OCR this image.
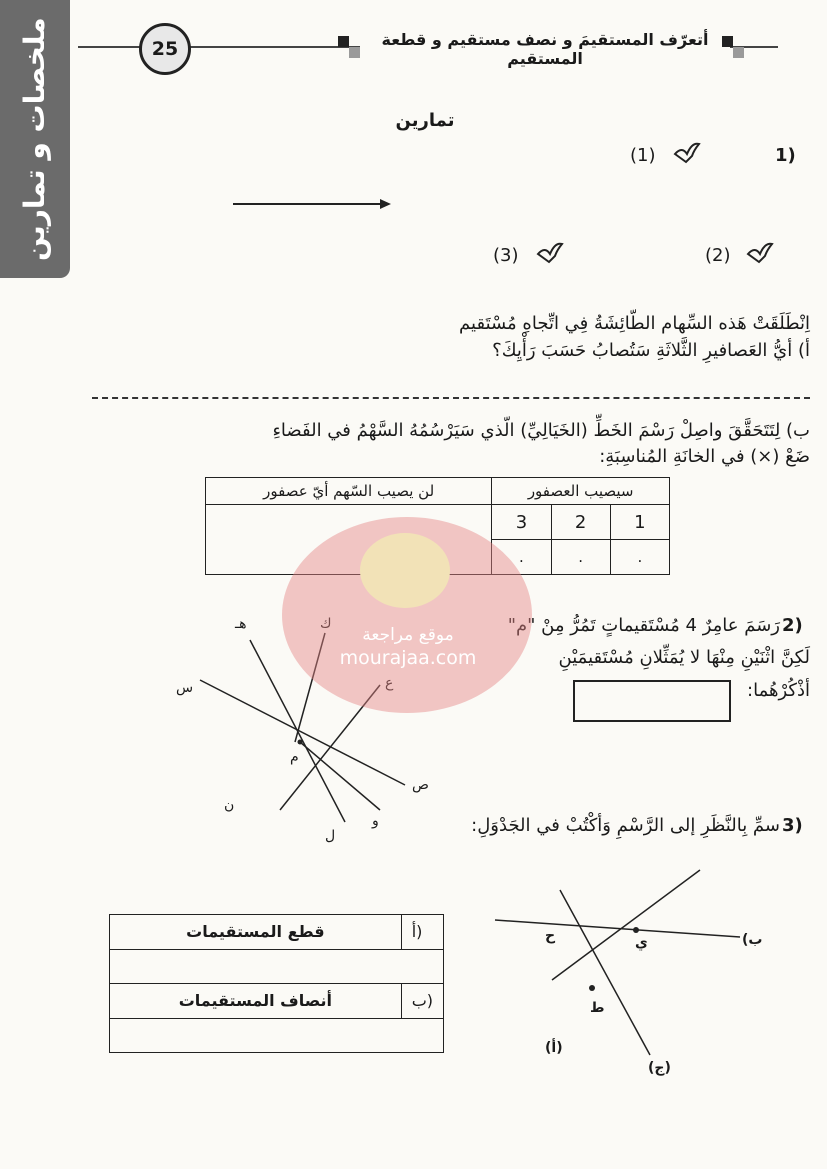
ملخصات و تمارين	25	أتعرّف المستقيمَ و نصف مستقيم و قطعة المستقيم
تمارين
1)
(1)
(2)
(3)
اِنْطَلَقَتْ هَذه السِّهام الطّائِشَةُ فِي اتِّجاهِ مُسْتَقيم
أ) أيُّ العَصافيرِ الثَّلاثَةِ سَتُصابُ حَسَبَ رَأْيِكَ؟
ب) لِتَتَحَقَّقَ واصِلْ رَسْمَ الخَطِّ (الخَيَالِيِّ) الّذي سَيَرْسُمُهُ السَّهْمُ في الفَضاءِ
ضَعْ (×) في الخانَةِ المُناسِبَةِ:
لن يصيب السّهم أيّ عصفور	سيصيب العصفور		
	3	2	1
	.	.	.
2)
رَسَمَ عامِرٌ 4 مُسْتَقيماتٍ تَمُرُّ مِنْ "م"
لَكِنَّ اثْنَيْنِ مِنْهَا لا يُمَثِّلانِ مُسْتَقيمَيْنِ
أذْكُرْهُما:
هـ	ك
ع
س
م
ص
ن
و
ل	3)
سمِّ بِالنَّظَرِ إلى الرَّسْمِ وَأكْتُبْ في الجَدْوَلِ:
قطع المستقيمات	أ)

أنصاف المستقيمات	ب)

ح	ي
ط
(ب
(أ)
(ج)
موقع مراجعة
mourajaa.com
